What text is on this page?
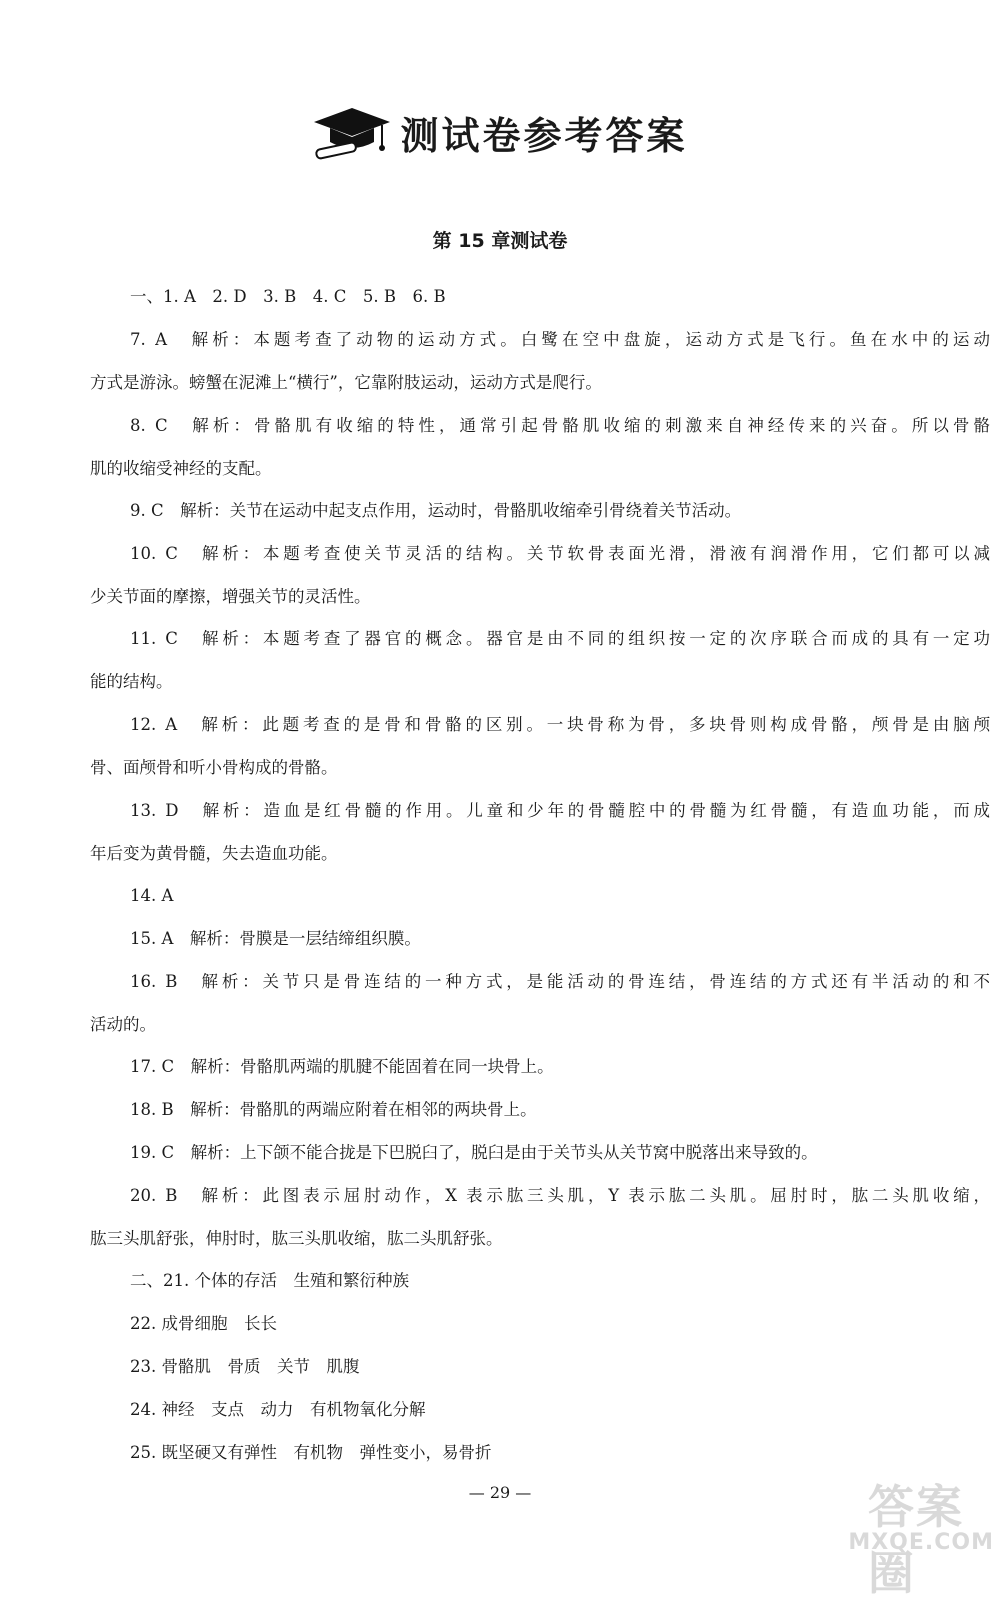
测试卷参考答案
第 15 章测试卷
一、1. A　2. D　3. B　4. C　5. B　6. B
7. A　解析：本题考查了动物的运动方式。白鹭在空中盘旋，运动方式是飞行。鱼在水中的运动
方式是游泳。螃蟹在泥滩上“横行”，它靠附肢运动，运动方式是爬行。
8. C　解析：骨骼肌有收缩的特性，通常引起骨骼肌收缩的刺激来自神经传来的兴奋。所以骨骼
肌的收缩受神经的支配。
9. C　解析：关节在运动中起支点作用，运动时，骨骼肌收缩牵引骨绕着关节活动。
10. C　解析：本题考查使关节灵活的结构。关节软骨表面光滑，滑液有润滑作用，它们都可以减
少关节面的摩擦，增强关节的灵活性。
11. C　解析：本题考查了器官的概念。器官是由不同的组织按一定的次序联合而成的具有一定功
能的结构。
12. A　解析：此题考查的是骨和骨骼的区别。一块骨称为骨，多块骨则构成骨骼，颅骨是由脑颅
骨、面颅骨和听小骨构成的骨骼。
13. D　解析：造血是红骨髓的作用。儿童和少年的骨髓腔中的骨髓为红骨髓，有造血功能，而成
年后变为黄骨髓，失去造血功能。
14. A
15. A　解析：骨膜是一层结缔组织膜。
16. B　解析：关节只是骨连结的一种方式，是能活动的骨连结，骨连结的方式还有半活动的和不
活动的。
17. C　解析：骨骼肌两端的肌腱不能固着在同一块骨上。
18. B　解析：骨骼肌的两端应附着在相邻的两块骨上。
19. C　解析：上下颌不能合拢是下巴脱臼了，脱臼是由于关节头从关节窝中脱落出来导致的。
20. B　解析：此图表示屈肘动作，X 表示肱三头肌，Y 表示肱二头肌。屈肘时，肱二头肌收缩，
肱三头肌舒张，伸肘时，肱三头肌收缩，肱二头肌舒张。
二、21. 个体的存活　生殖和繁衍种族
22. 成骨细胞　长长
23. 骨骼肌　骨质　关节　肌腹
24. 神经　支点　动力　有机物氧化分解
25. 既坚硬又有弹性　有机物　弹性变小，易骨折
— 29 —	答案圈
MXQE.COM
